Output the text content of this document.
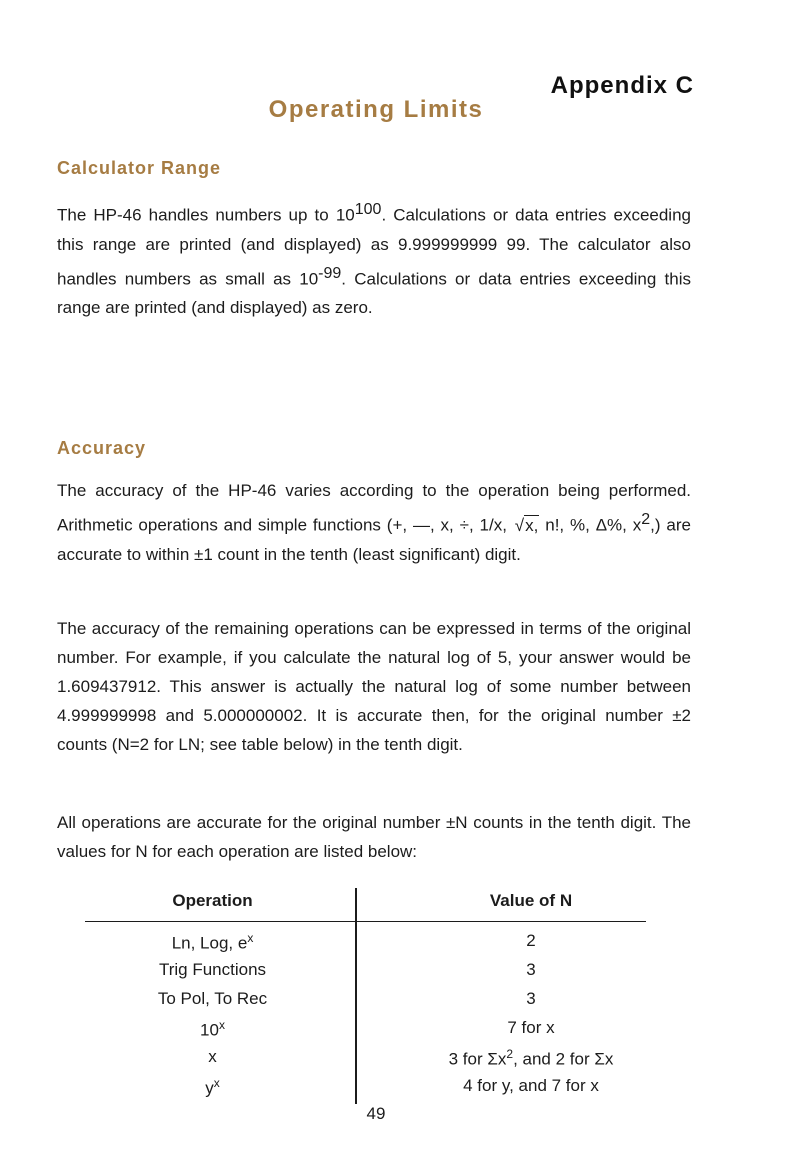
Appendix C
Operating Limits
Calculator Range

The HP-46 handles numbers up to $10^{100}$. Calculations or data entries exceeding this range are printed (and displayed) as 9.999999999 99. The calculator also handles numbers as small as $10^{-99}$. Calculations or data entries exceeding this range are printed (and displayed) as zero.

Accuracy

The accuracy of the HP-46 varies according to the operation being performed. Arithmetic operations and simple functions (+, —, x, ÷, 1/x, √x, n!, %, Δ%, $x^2$,) are accurate to within ±1 count in the tenth (least significant) digit.

The accuracy of the remaining operations can be expressed in terms of the original number. For example, if you calculate the natural log of 5, your answer would be 1.609437912. This answer is actually the natural log of some number between 4.999999998 and 5.000000002. It is accurate then, for the original number ±2 counts (N=2 for LN; see table below) in the tenth digit.

All operations are accurate for the original number ±N counts in the tenth digit. The values for N for each operation are listed below:

Operation	Value of N
Ln, Log, $e^x$	2
Trig Functions	3
To Pol, To Rec	3
10$^x$	7 for x
x	3 for $\Sigma x^2$, and 2 for Σx
$y^x$	4 for y, and 7 for x
49
